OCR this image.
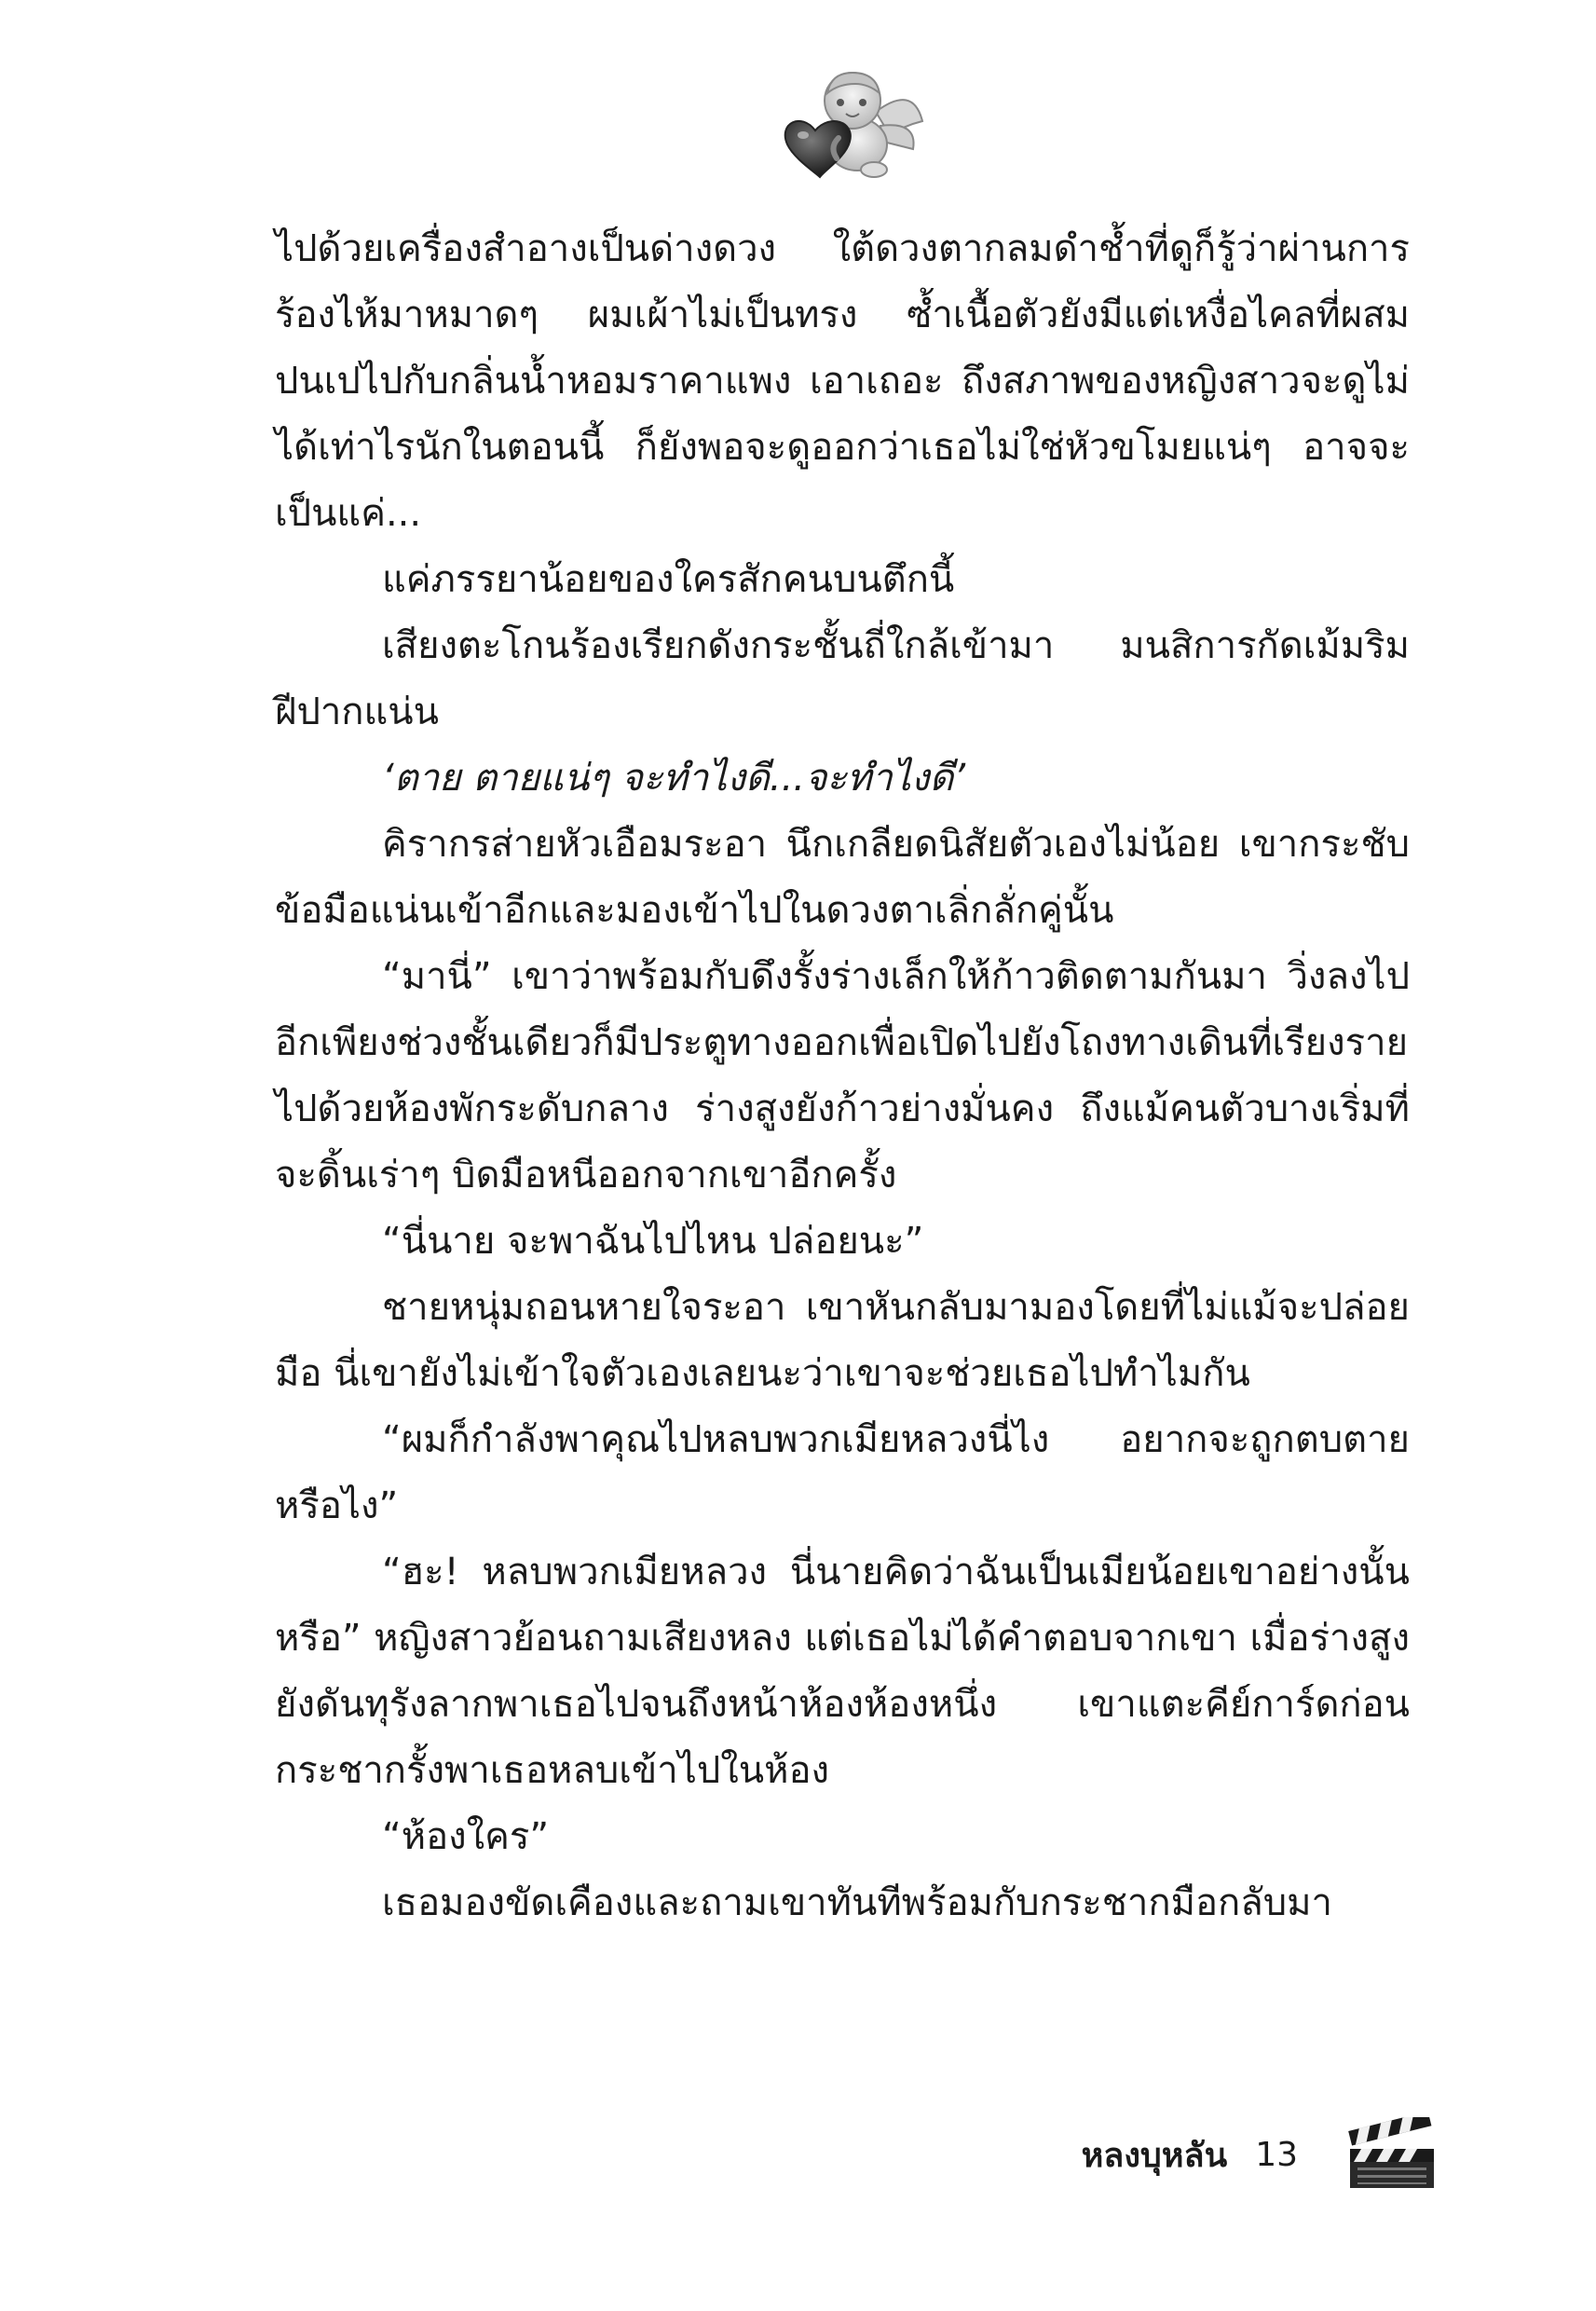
ไปด้วยเครื่องสำอางเป็นด่างดวง ใต้ดวงตากลมดำช้ำที่ดูก็รู้ว่าผ่านการร้องไห้มาหมาดๆ ผมเผ้าไม่เป็นทรง ซ้ำเนื้อตัวยังมีแต่เหงื่อไคลที่ผสมปนเปไปกับกลิ่นน้ำหอมราคาแพง เอาเถอะ ถึงสภาพของหญิงสาวจะดูไม่ได้เท่าไรนักในตอนนี้ ก็ยังพอจะดูออกว่าเธอไม่ใช่หัวขโมยแน่ๆ อาจจะเป็นแค่...

แค่ภรรยาน้อยของใครสักคนบนตึกนี้

เสียงตะโกนร้องเรียกดังกระชั้นถี่ใกล้เข้ามา มนสิการกัดเม้มริมฝีปากแน่น

‘ตาย ตายแน่ๆ จะทำไงดี...จะทำไงดี’

คิรากรส่ายหัวเอือมระอา นึกเกลียดนิสัยตัวเองไม่น้อย เขากระชับข้อมือแน่นเข้าอีกและมองเข้าไปในดวงตาเลิ่กลั่กคู่นั้น

“มานี่” เขาว่าพร้อมกับดึงรั้งร่างเล็กให้ก้าวติดตามกันมา วิ่งลงไปอีกเพียงช่วงชั้นเดียวก็มีประตูทางออกเพื่อเปิดไปยังโถงทางเดินที่เรียงรายไปด้วยห้องพักระดับกลาง ร่างสูงยังก้าวย่างมั่นคง ถึงแม้คนตัวบางเริ่มที่จะดิ้นเร่าๆ บิดมือหนีออกจากเขาอีกครั้ง

“นี่นาย จะพาฉันไปไหน ปล่อยนะ”

ชายหนุ่มถอนหายใจระอา เขาหันกลับมามองโดยที่ไม่แม้จะปล่อยมือ นี่เขายังไม่เข้าใจตัวเองเลยนะว่าเขาจะช่วยเธอไปทำไมกัน

“ผมก็กำลังพาคุณไปหลบพวกเมียหลวงนี่ไง อยากจะถูกตบตายหรือไง”

“ฮะ! หลบพวกเมียหลวง นี่นายคิดว่าฉันเป็นเมียน้อยเขาอย่างนั้นหรือ” หญิงสาวย้อนถามเสียงหลง แต่เธอไม่ได้คำตอบจากเขา เมื่อร่างสูงยังดันทุรังลากพาเธอไปจนถึงหน้าห้องห้องหนึ่ง เขาแตะคีย์การ์ดก่อนกระชากรั้งพาเธอหลบเข้าไปในห้อง

“ห้องใคร”

เธอมองขัดเคืองและถามเขาทันทีพร้อมกับกระชากมือกลับมา

หลงบุหลัน 13
